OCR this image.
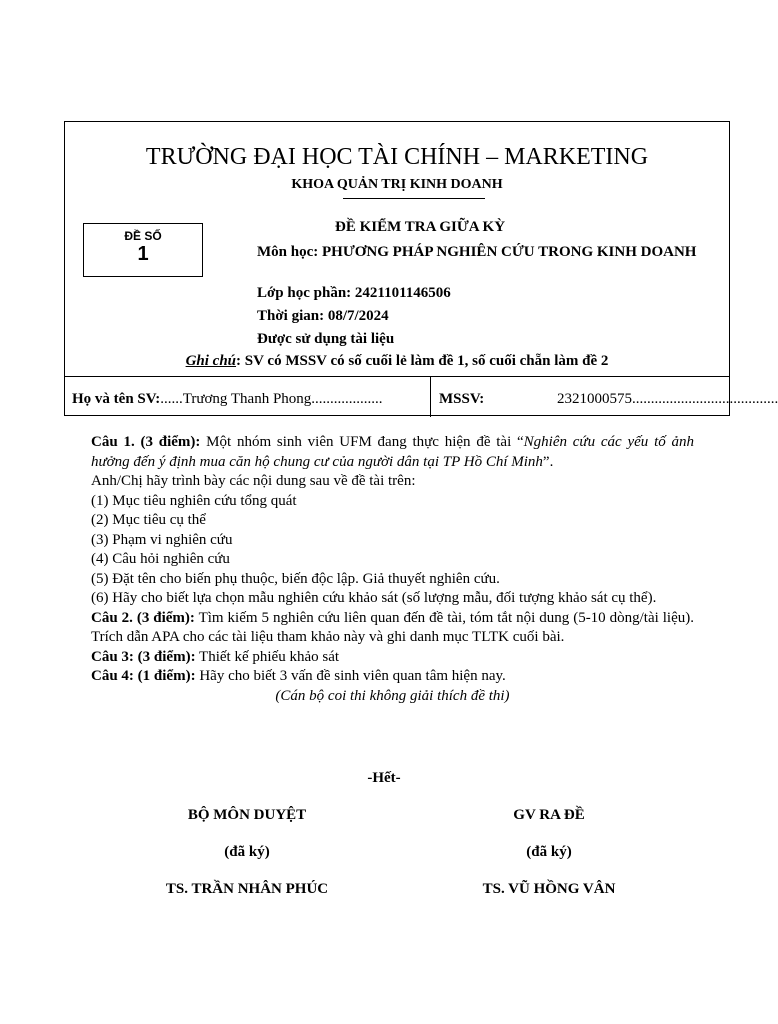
TRƯỜNG ĐẠI HỌC TÀI CHÍNH – MARKETING
KHOA QUẢN TRỊ KINH DOANH
ĐỀ SỐ
1
ĐỀ KIỂM TRA GIỮA KỲ
Môn học: PHƯƠNG PHÁP NGHIÊN CỨU TRONG KINH DOANH
Lớp học phần: 2421101146506
Thời gian: 08/7/2024
Được sử dụng tài liệu
Ghi chú: SV có MSSV có số cuối lẻ làm đề 1, số cuối chẵn làm đề 2
Họ và tên SV:......Trương Thanh Phong...................	MSSV:	2321000575.......................................

Câu 1. (3 điểm): Một nhóm sinh viên UFM đang thực hiện đề tài “Nghiên cứu các yếu tố ảnh hưởng đến ý định mua căn hộ chung cư của người dân tại TP Hồ Chí Minh”.

Anh/Chị hãy trình bày các nội dung sau về đề tài trên:

(1) Mục tiêu nghiên cứu tổng quát

(2) Mục tiêu cụ thể

(3) Phạm vi nghiên cứu

(4) Câu hỏi nghiên cứu

(5) Đặt tên cho biến phụ thuộc, biến độc lập. Giả thuyết nghiên cứu.

(6) Hãy cho biết lựa chọn mẫu nghiên cứu khảo sát (số lượng mẫu, đối tượng khảo sát cụ thể).

Câu 2. (3 điểm): Tìm kiếm 5 nghiên cứu liên quan đến đề tài, tóm tắt nội dung (5-10 dòng/tài liệu). Trích dẫn APA cho các tài liệu tham khảo này và ghi danh mục TLTK cuối bài.

Câu 3: (3 điểm): Thiết kế phiếu khảo sát

Câu 4: (1 điểm): Hãy cho biết 3 vấn đề sinh viên quan tâm hiện nay.

(Cán bộ coi thi không giải thích đề thi)

-Hết-
BỘ MÔN DUYỆT
(đã ký)
TS. TRẦN NHÂN PHÚC
GV RA ĐỀ
(đã ký)
TS. VŨ HỒNG VÂN
